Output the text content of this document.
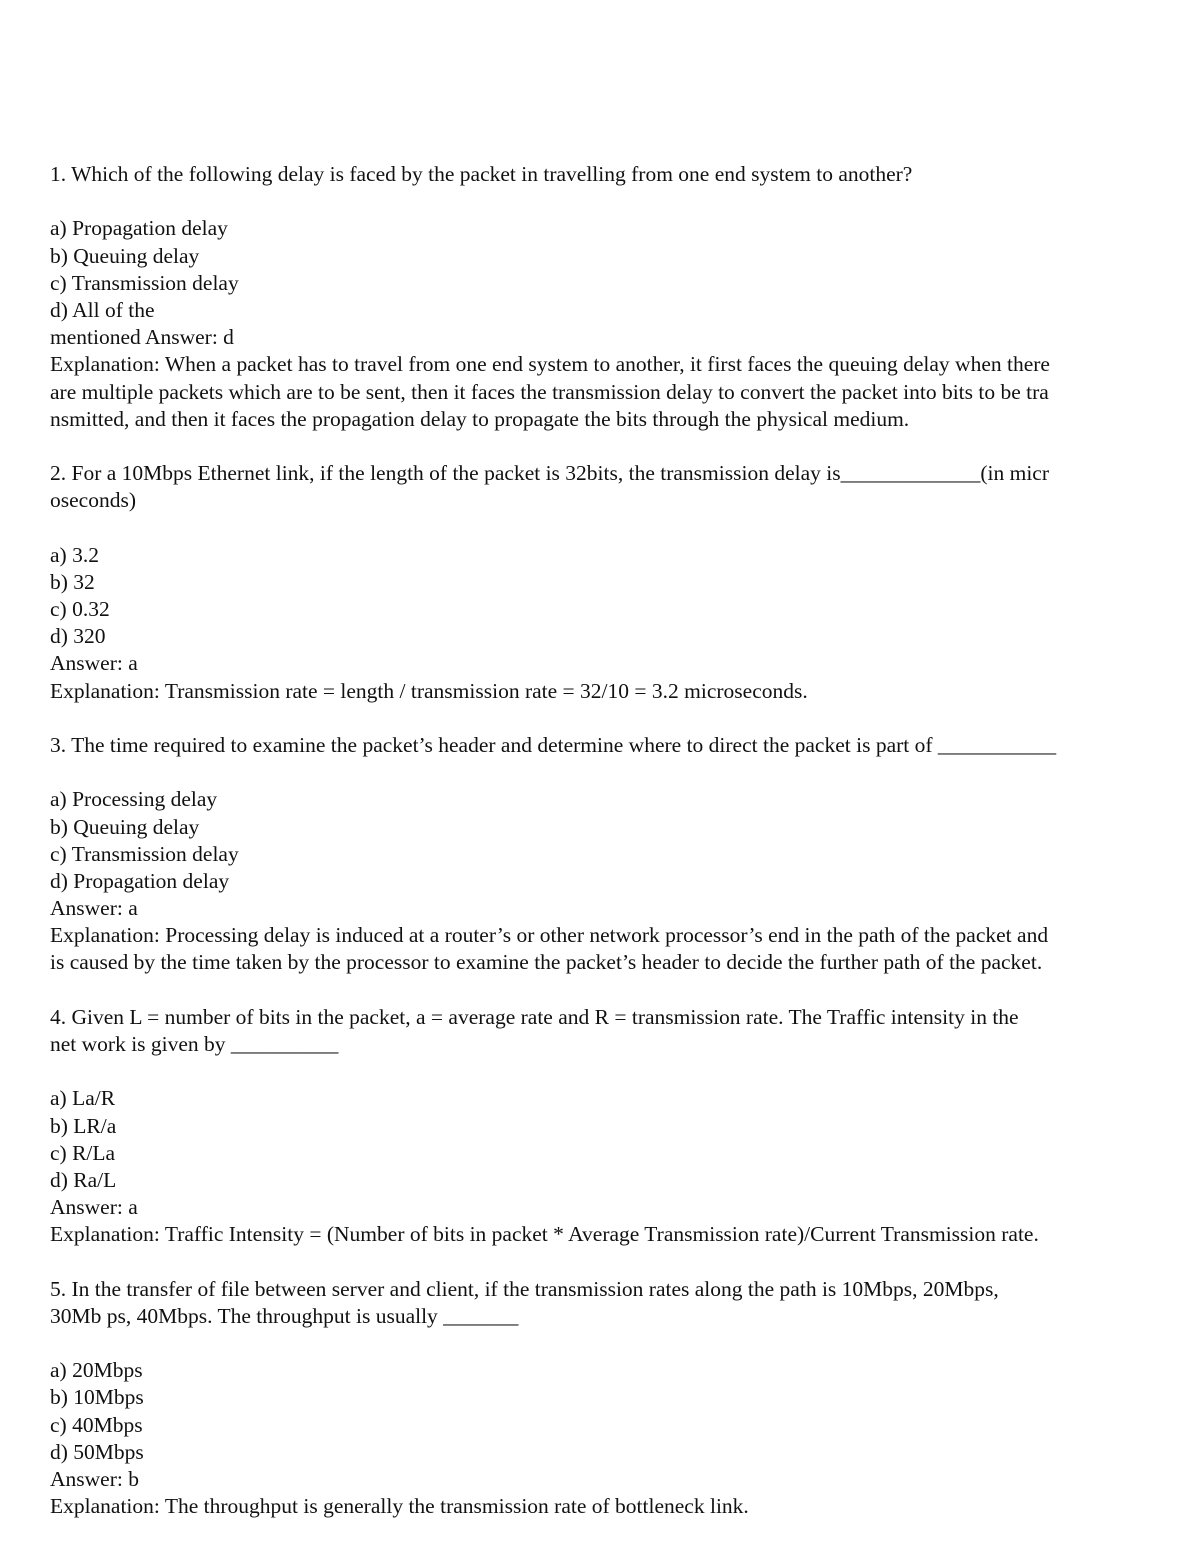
1. Which of the following delay is faced by the packet in travelling from one end system to another?
a) Propagation delay
b) Queuing delay
c) Transmission delay
d) All of the
mentioned Answer: d
Explanation: When a packet has to travel from one end system to another, it first faces the queuing delay when there
are multiple packets which are to be sent, then it faces the transmission delay to convert the packet into bits to be tra
nsmitted, and then it faces the propagation delay to propagate the bits through the physical medium.
2. For a 10Mbps Ethernet link, if the length of the packet is 32bits, the transmission delay is_____________(in micr
oseconds)
a) 3.2
b) 32
c) 0.32
d) 320
Answer: a
Explanation: Transmission rate = length / transmission rate = 32/10 = 3.2 microseconds.
3. The time required to examine the packet’s header and determine where to direct the packet is part of ___________
a) Processing delay
b) Queuing delay
c) Transmission delay
d) Propagation delay
Answer: a
Explanation: Processing delay is induced at a router’s or other network processor’s end in the path of the packet and
is caused by the time taken by the processor to examine the packet’s header to decide the further path of the packet.
4. Given L = number of bits in the packet, a = average rate and R = transmission rate. The Traffic intensity in the
net work is given by __________
a) La/R
b) LR/a
c) R/La
d) Ra/L
Answer: a
Explanation: Traffic Intensity = (Number of bits in packet * Average Transmission rate)/Current Transmission rate.
5. In the transfer of file between server and client, if the transmission rates along the path is 10Mbps, 20Mbps,
30Mb ps, 40Mbps. The throughput is usually _______
a) 20Mbps
b) 10Mbps
c) 40Mbps
d) 50Mbps
Answer: b
Explanation: The throughput is generally the transmission rate of bottleneck link.
